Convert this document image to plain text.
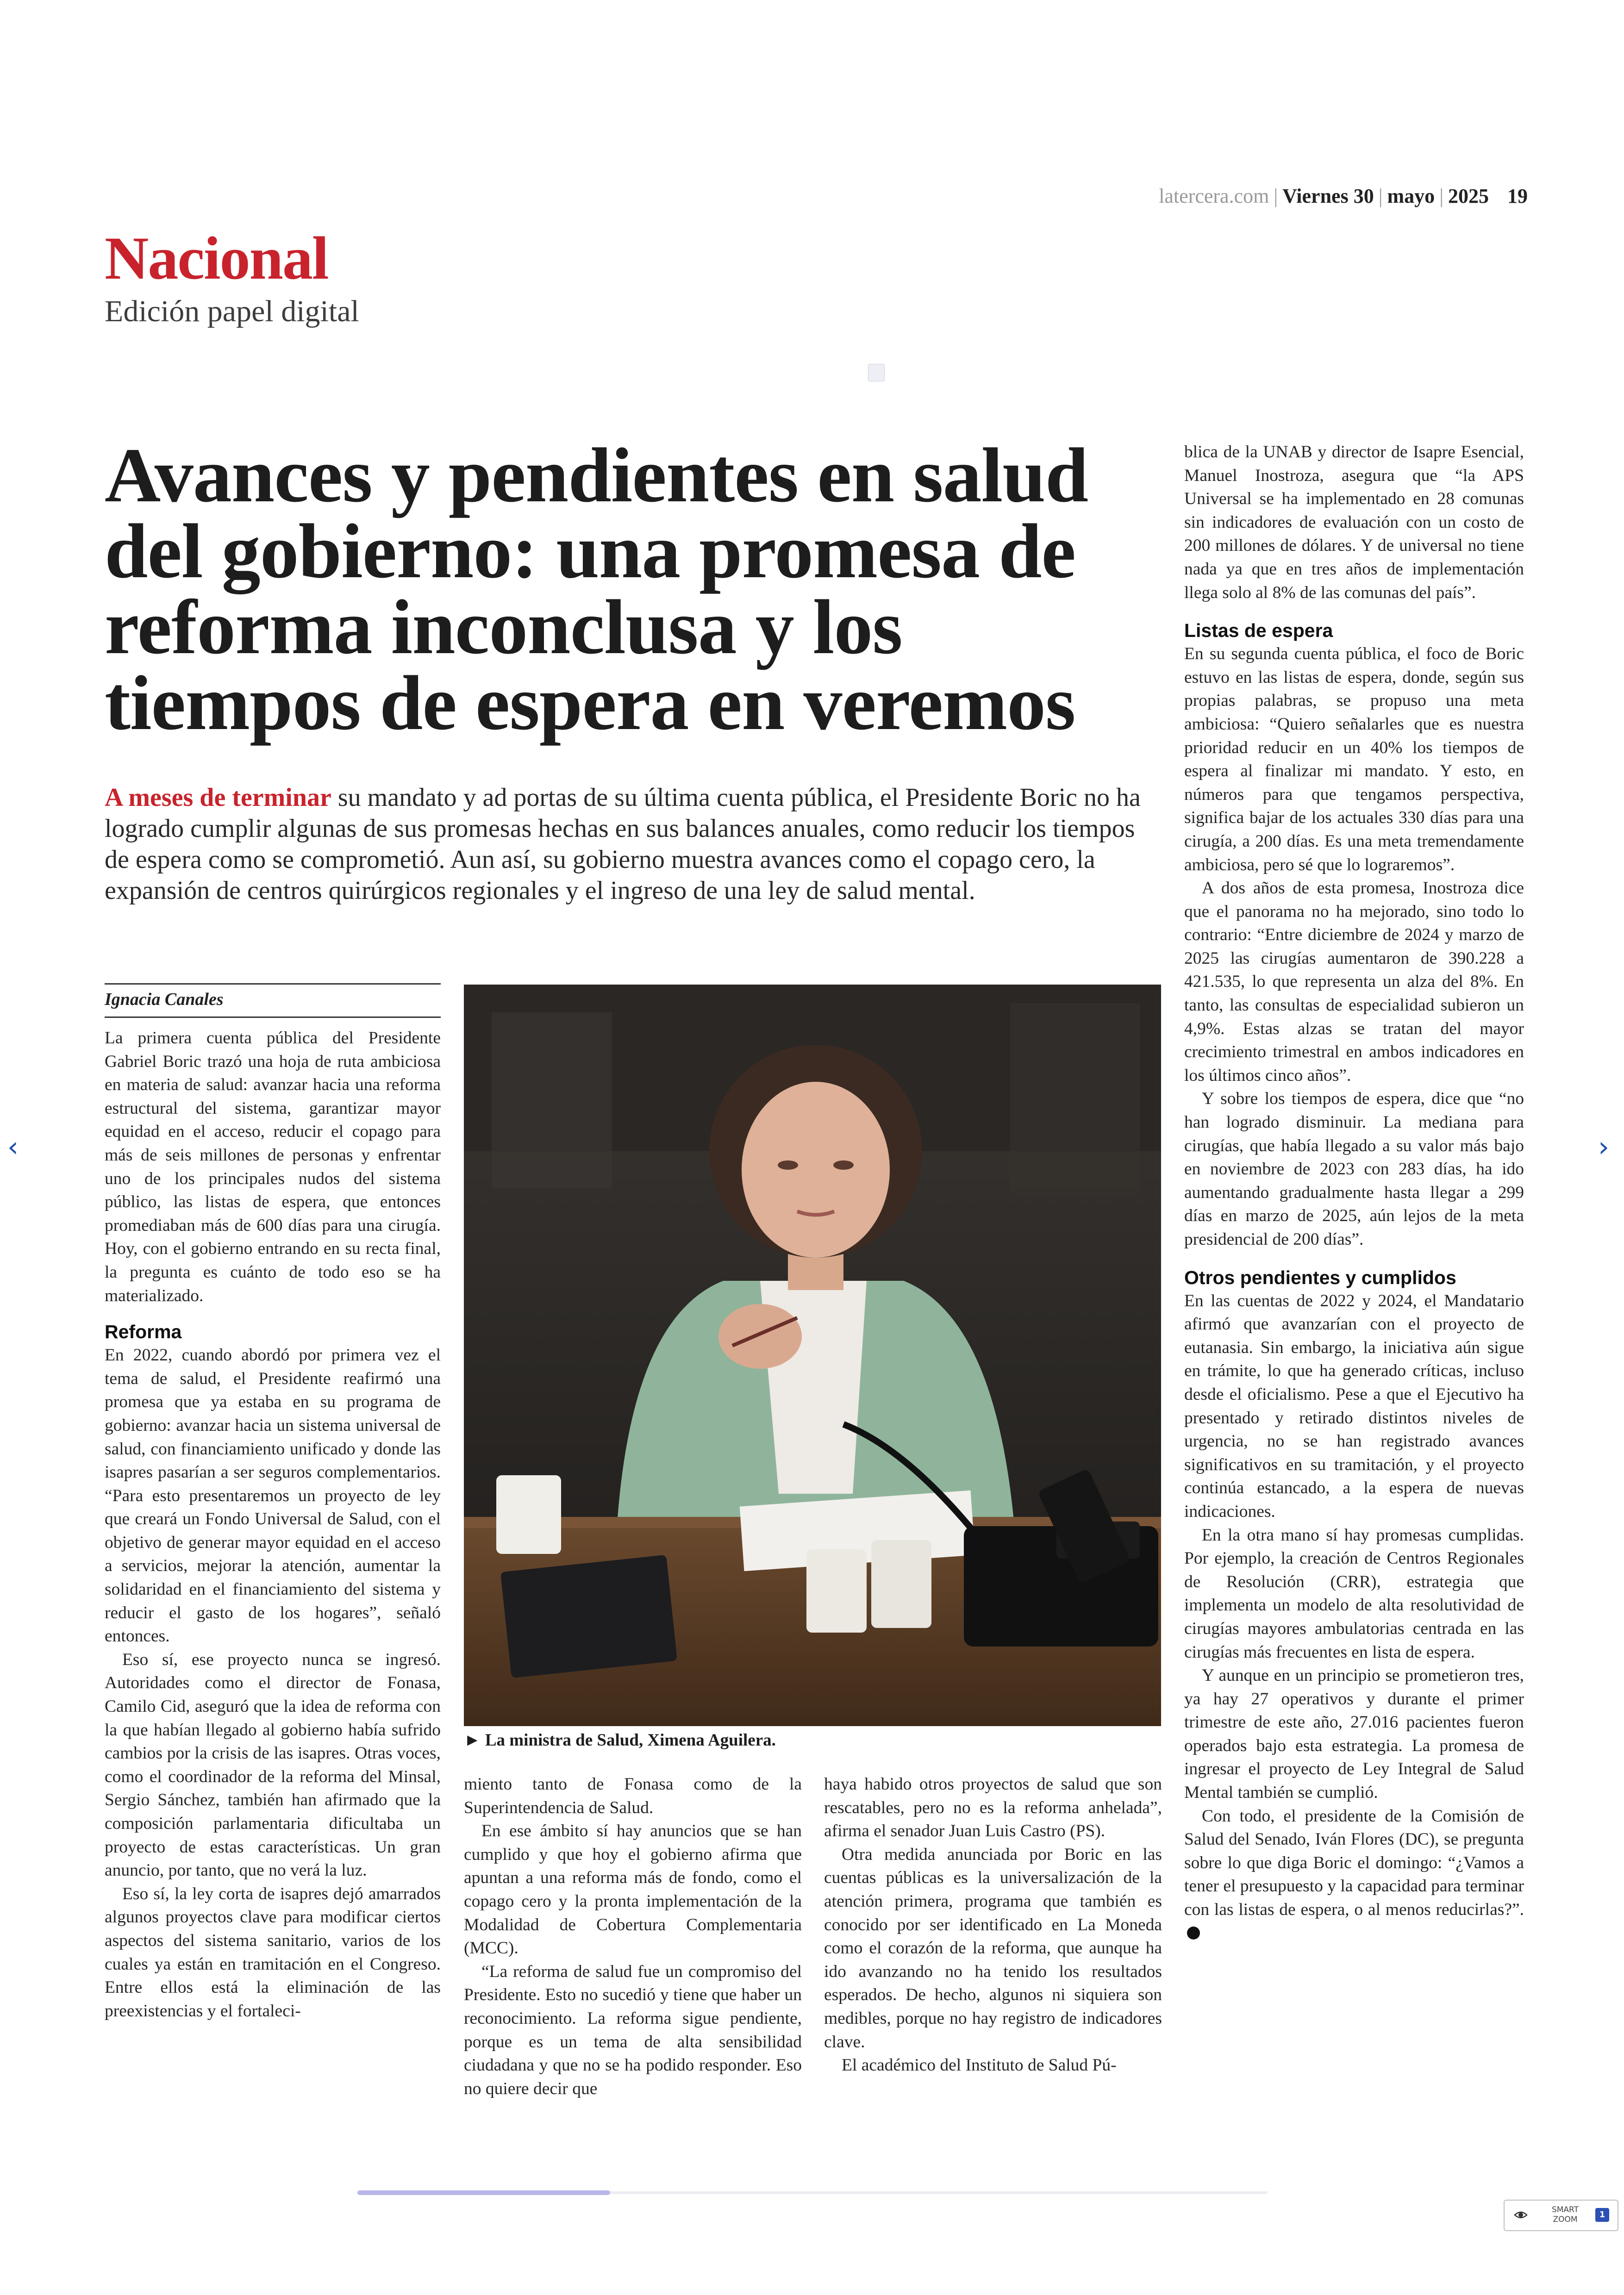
latercera.com | Viernes 30 | mayo | 2025 19
Nacional
Edición papel digital
Avances y pendientes en salud del gobierno: una promesa de reforma inconclusa y los tiempos de espera en veremos

A meses de terminar su mandato y ad portas de su última cuenta pública, el Presidente Boric no ha logrado cumplir algunas de sus promesas hechas en sus balances anuales, como reducir los tiempos de espera como se comprometió. Aun así, su gobierno muestra avances como el copago cero, la expansión de centros quirúrgicos regionales y el ingreso de una ley de salud mental.

Ignacia Canales

La primera cuenta pública del Presidente Gabriel Boric trazó una hoja de ruta ambiciosa en materia de salud: avanzar hacia una reforma estructural del sistema, garantizar mayor equidad en el acceso, reducir el copago para más de seis millones de personas y enfrentar uno de los principales nudos del sistema público, las listas de espera, que entonces promediaban más de 600 días para una cirugía. Hoy, con el gobierno entrando en su recta final, la pregunta es cuánto de todo eso se ha materializado.

Reforma

En 2022, cuando abordó por primera vez el tema de salud, el Presidente reafirmó una promesa que ya estaba en su programa de gobierno: avanzar hacia un sistema universal de salud, con financiamiento unificado y donde las isapres pasarían a ser seguros complementarios. “Para esto presentaremos un proyecto de ley que creará un Fondo Universal de Salud, con el objetivo de generar mayor equidad en el acceso a servicios, mejorar la atención, aumentar la solidaridad en el financiamiento del sistema y reducir el gasto de los hogares”, señaló entonces.

Eso sí, ese proyecto nunca se ingresó. Autoridades como el director de Fonasa, Camilo Cid, aseguró que la idea de reforma con la que habían llegado al gobierno había sufrido cambios por la crisis de las isapres. Otras voces, como el coordinador de la reforma del Minsal, Sergio Sánchez, también han afirmado que la composición parlamentaria dificultaba un proyecto de estas características. Un gran anuncio, por tanto, que no verá la luz.

Eso sí, la ley corta de isapres dejó amarrados algunos proyectos clave para modificar ciertos aspectos del sistema sanitario, varios de los cuales ya están en tramitación en el Congreso. Entre ellos está la eliminación de las preexistencias y el fortaleci-

► La ministra de Salud, Ximena Aguilera.

miento tanto de Fonasa como de la Superintendencia de Salud.

En ese ámbito sí hay anuncios que se han cumplido y que hoy el gobierno afirma que apuntan a una reforma más de fondo, como el copago cero y la pronta implementación de la Modalidad de Cobertura Complementaria (MCC).

“La reforma de salud fue un compromiso del Presidente. Esto no sucedió y tiene que haber un reconocimiento. La reforma sigue pendiente, porque es un tema de alta sensibilidad ciudadana y que no se ha podido responder. Eso no quiere decir que

haya habido otros proyectos de salud que son rescatables, pero no es la reforma anhelada”, afirma el senador Juan Luis Castro (PS).

Otra medida anunciada por Boric en las cuentas públicas es la universalización de la atención primera, programa que también es conocido por ser identificado en La Moneda como el corazón de la reforma, que aunque ha ido avanzando no ha tenido los resultados esperados. De hecho, algunos ni siquiera son medibles, porque no hay registro de indicadores clave.

El académico del Instituto de Salud Pú-

blica de la UNAB y director de Isapre Esencial, Manuel Inostroza, asegura que “la APS Universal se ha implementado en 28 comunas sin indicadores de evaluación con un costo de 200 millones de dólares. Y de universal no tiene nada ya que en tres años de implementación llega solo al 8% de las comunas del país”.

Listas de espera

En su segunda cuenta pública, el foco de Boric estuvo en las listas de espera, donde, según sus propias palabras, se propuso una meta ambiciosa: “Quiero señalarles que es nuestra prioridad reducir en un 40% los tiempos de espera al finalizar mi mandato. Y esto, en números para que tengamos perspectiva, significa bajar de los actuales 330 días para una cirugía, a 200 días. Es una meta tremendamente ambiciosa, pero sé que lo lograremos”.

A dos años de esta promesa, Inostroza dice que el panorama no ha mejorado, sino todo lo contrario: “Entre diciembre de 2024 y marzo de 2025 las cirugías aumentaron de 390.228 a 421.535, lo que representa un alza del 8%. En tanto, las consultas de especialidad subieron un 4,9%. Estas alzas se tratan del mayor crecimiento trimestral en ambos indicadores en los últimos cinco años”.

Y sobre los tiempos de espera, dice que “no han logrado disminuir. La mediana para cirugías, que había llegado a su valor más bajo en noviembre de 2023 con 283 días, ha ido aumentando gradualmente hasta llegar a 299 días en marzo de 2025, aún lejos de la meta presidencial de 200 días”.

Otros pendientes y cumplidos

En las cuentas de 2022 y 2024, el Mandatario afirmó que avanzarían con el proyecto de eutanasia. Sin embargo, la iniciativa aún sigue en trámite, lo que ha generado críticas, incluso desde el oficialismo. Pese a que el Ejecutivo ha presentado y retirado distintos niveles de urgencia, no se han registrado avances significativos en su tramitación, y el proyecto continúa estancado, a la espera de nuevas indicaciones.

En la otra mano sí hay promesas cumplidas. Por ejemplo, la creación de Centros Regionales de Resolución (CRR), estrategia que implementa un modelo de alta resolutividad de cirugías mayores ambulatorias centrada en las cirugías más frecuentes en lista de espera.

Y aunque en un principio se prometieron tres, ya hay 27 operativos y durante el primer trimestre de este año, 27.016 pacientes fueron operados bajo esta estrategia. La promesa de ingresar el proyecto de Ley Integral de Salud Mental también se cumplió.

Con todo, el presidente de la Comisión de Salud del Senado, Iván Flores (DC), se pregunta sobre lo que diga Boric el domingo: “¿Vamos a tener el presupuesto y la capacidad para terminar con las listas de espera, o al menos reducirlas?”.

‹	›
SMART
ZOOM	1
